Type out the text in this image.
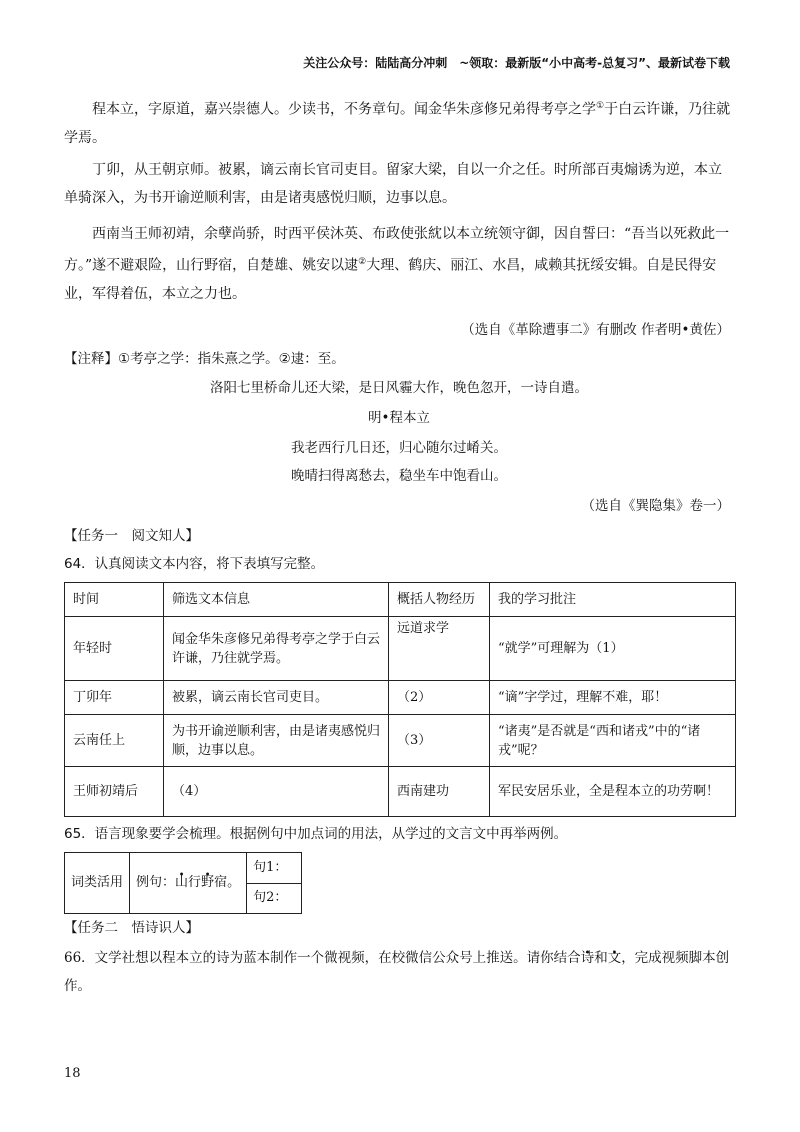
关注公众号：陆陆高分冲刺　~领取：最新版“小中高考-总复习”、最新试卷下载
程本立，字原道，嘉兴崇德人。少读书，不务章句。闻金华朱彦修兄弟得考亭之学①于白云许谦，乃往就学焉。
丁卯，从王朝京师。被累，谪云南长官司吏目。留家大梁，自以一介之任。时所部百夷煽诱为逆，本立单骑深入，为书开谕逆顺利害，由是诸夷感悦归顺，边事以息。
西南当王师初靖，余孽尚骄，时西平侯沐英、布政使张紞以本立统领守御，因自誓曰：“吾当以死救此一方。”遂不避艰险，山行野宿，自楚雄、姚安以逮②大理、鹤庆、丽江、水昌，咸赖其抚绥安辑。自是民得安业，军得着伍，本立之力也。
（选自《革除遭事二》有删改 作者明•黄佐）
【注释】①考亭之学：指朱熹之学。②逮：至。
洛阳七里桥命儿还大梁，是日风霾大作，晚色忽开，一诗自遣。
明•程本立
我老西行几日还，归心随尔过崤关。
晚晴扫得离愁去，稳坐车中饱看山。
（选自《巽隐集》卷一）
【任务一　阅文知人】
64．认真阅读文本内容，将下表填写完整。
时间	筛选文本信息	概括人物经历	我的学习批注
年轻时	闻金华朱彦修兄弟得考亭之学于白云许谦，乃往就学焉。	远道求学	“就学”可理解为（1）
丁卯年	被累，谪云南长官司吏目。	（2）	“谪”字学过，理解不难，耶！
云南任上	为书开谕逆顺利害，由是诸夷感悦归顺，边事以息。	（3）	“诸夷”是否就是“西和诸戎”中的“诸戎”呢？
王师初靖后	（4）	西南建功	军民安居乐业，全是程本立的功劳啊！
65．语言现象要学会梳理。根据例句中加点词的用法，从学过的文言文中再举两例。
词类活用	例句：山行野宿。	句1：
句2：
【任务二　悟诗识人】
66．文学社想以程本立的诗为蓝本制作一个微视频，在校微信公众号上推送。请你结合诗和文，完成视频脚本创作。
18
